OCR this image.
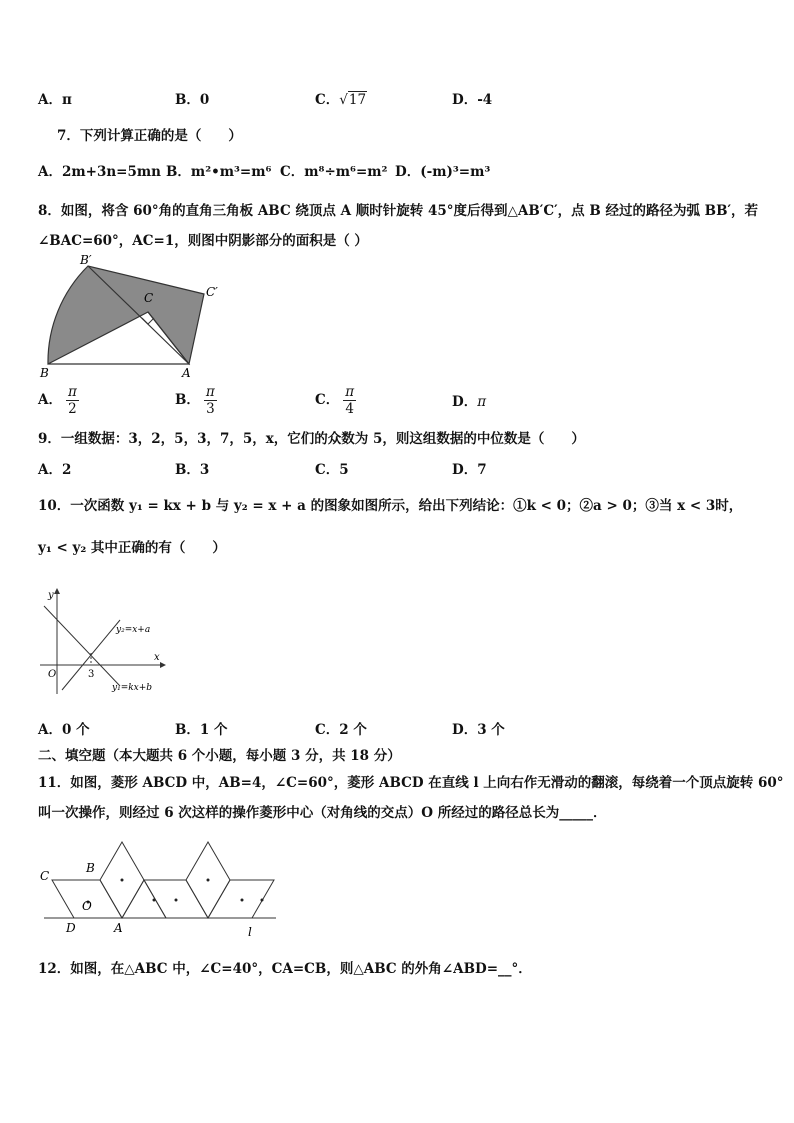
A．π	B．0	C．√17	D．-4
7．下列计算正确的是（　　）
A．2m+3n=5mn B．m²•m³=m⁶ C．m⁸÷m⁶=m² D．(-m)³=m³
8．如图，将含 60°角的直角三角板 ABC 绕顶点 A 顺时针旋转 45°度后得到△AB′C′，点 B 经过的路径为弧 BB′，若
∠BAC=60°，AC=1，则图中阴影部分的面积是（ ）
B′
C	C′
B	A
A． $\frac{\pi}{2}$	B． $\frac{\pi}{3}$	C． $\frac{\pi}{4}$	D．π
9．一组数据：3，2，5，3，7，5，x，它们的众数为 5，则这组数据的中位数是（　　）
A．2	B．3	C．5	D．7
10．一次函数 y₁ = kx + b 与 y₂ = x + a 的图象如图所示，给出下列结论：①k < 0；②a > 0；③当 x < 3时，
y₁ < y₂ 其中正确的有（　　）
y
x
O	3
y₂=x+a
y₁=kx+b
A．0 个	B．1 个	C．2 个	D．3 个
二、填空题（本大题共 6 个小题，每小题 3 分，共 18 分）
11．如图，菱形 ABCD 中，AB=4，∠C=60°，菱形 ABCD 在直线 l 上向右作无滑动的翻滚，每绕着一个顶点旋转 60°
叫一次操作，则经过 6 次这样的操作菱形中心（对角线的交点）O 所经过的路径总长为_____．
C
B
O
D	A	l
12．如图，在△ABC 中，∠C=40°，CA=CB，则△ABC 的外角∠ABD=__°．
